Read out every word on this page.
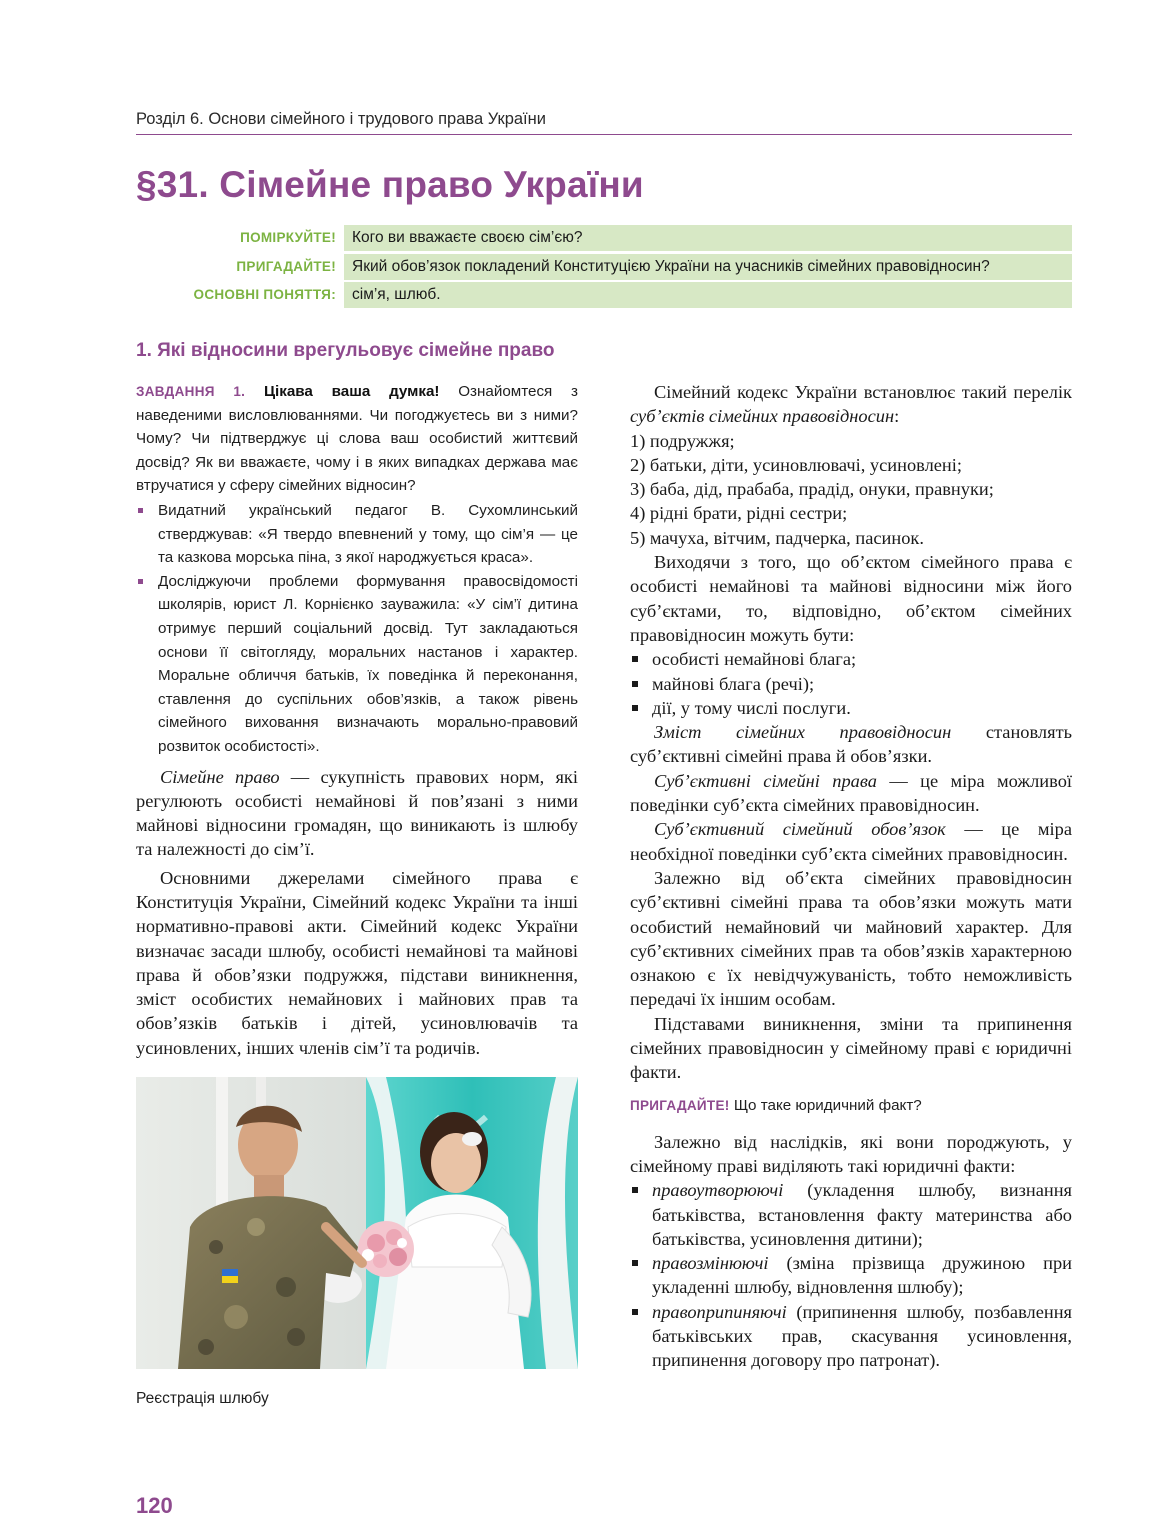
Розділ 6. Основи сімейного і трудового права України
§31. Сімейне право України
ПОМІРКУЙТЕ!	Кого ви вважаєте своєю сім’єю?
ПРИГАДАЙТЕ!	Який обов’язок покладений Конституцією України на учасників сімейних правовідносин?
ОСНОВНІ ПОНЯТТЯ:	сім’я, шлюб.
1. Які відносини врегульовує сімейне право

ЗАВДАННЯ 1. Цікава ваша думка! Ознайомтеся з наведеними висловлюваннями. Чи погоджуєтесь ви з ними? Чому? Чи підтверджує ці слова ваш особистий життєвий досвід? Як ви вважаєте, чому і в яких випадках держава має втручатися у сферу сімейних відносин?

Видатний український педагог В. Сухомлинський стверджував: «Я твердо впевнений у тому, що сім’я — це та казкова морська піна, з якої народжується краса».
Досліджуючи проблеми формування правосвідомості школярів, юрист Л. Корнієнко зауважила: «У сім’ї дитина отримує перший соціальний досвід. Тут закладаються основи її світогляду, моральних настанов і характер. Моральне обличчя батьків, їх поведінка й переконання, ставлення до суспільних обов’язків, а також рівень сімейного виховання визначають морально-правовий розвиток особистості».

Сімейне право — сукупність правових норм, які регулюють особисті немайнові й пов’язані з ними майнові відносини громадян, що виникають із шлюбу та належності до сім’ї.

Основними джерелами сімейного права є Конституція України, Сімейний кодекс України та інші нормативно-правові акти. Сімейний кодекс України визначає засади шлюбу, особисті немайнові та майнові права й обов’язки подружжя, підстави виникнення, зміст особистих немайнових і майнових прав та обов’язків батьків і дітей, усиновлювачів та усиновлених, інших членів сім’ї та родичів.

Реєстрація шлюбу

Сімейний кодекс України встановлює такий перелік суб’єктів сімейних правовідносин:

1) подружжя;

2) батьки, діти, усиновлювачі, усиновлені;

3) баба, дід, прабаба, прадід, онуки, правнуки;

4) рідні брати, рідні сестри;

5) мачуха, вітчим, падчерка, пасинок.

Виходячи з того, що об’єктом сімейного права є особисті немайнові та майнові відносини між його суб’єктами, то, відповідно, об’єктом сімейних правовідносин можуть бути:

особисті немайнові блага;
майнові блага (речі);
дії, у тому числі послуги.

Зміст сімейних правовідносин становлять суб’єктивні сімейні права й обов’язки.

Суб’єктивні сімейні права — це міра можливої поведінки суб’єкта сімейних правовідносин.

Суб’єктивний сімейний обов’язок — це міра необхідної поведінки суб’єкта сімейних правовідносин.

Залежно від об’єкта сімейних правовідносин суб’єктивні сімейні права та обов’язки можуть мати особистий немайновий чи майновий характер. Для суб’єктивних сімейних прав та обов’язків характерною ознакою є їх невідчужуваність, тобто неможливість передачі їх іншим особам.

Підставами виникнення, зміни та припинення сімейних правовідносин у сімейному праві є юридичні факти.

ПРИГАДАЙТЕ! Що таке юридичний факт?

Залежно від наслідків, які вони породжують, у сімейному праві виділяють такі юридичні факти:

правоутворюючі (укладення шлюбу, визнання батьківства, встановлення факту материнства або батьківства, усиновлення дитини);
правозмінюючі (зміна прізвища дружиною при укладенні шлюбу, відновлення шлюбу);
правоприпиняючі (припинення шлюбу, позбавлення батьківських прав, скасування усиновлення, припинення договору про патронат).
120
